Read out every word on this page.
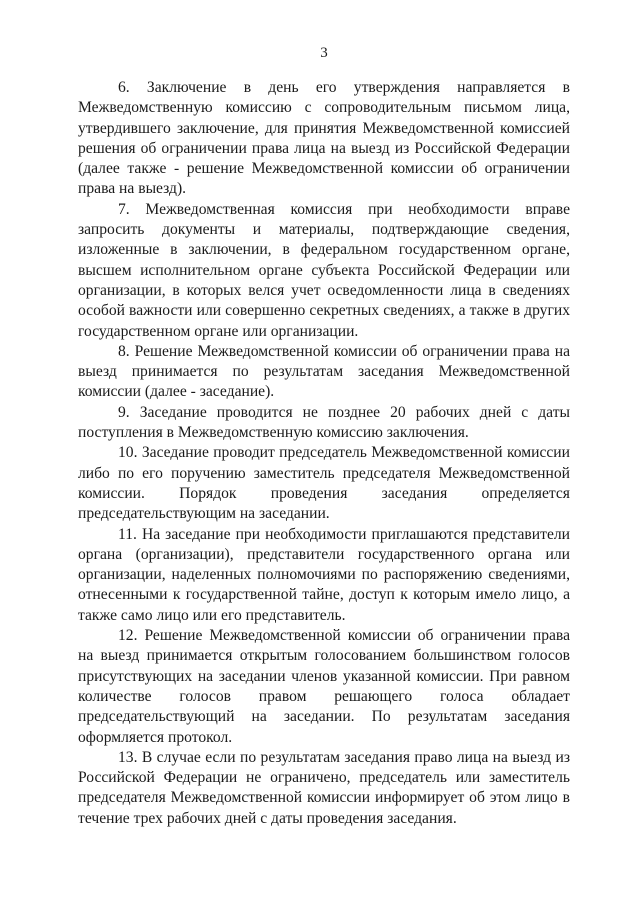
3

6. Заключение в день его утверждения направляется в Межведомственную комиссию с сопроводительным письмом лица, утвердившего заключение, для принятия Межведомственной комиссией решения об ограничении права лица на выезд из Российской Федерации (далее также - решение Межведомственной комиссии об ограничении права на выезд).

7. Межведомственная комиссия при необходимости вправе запросить документы и материалы, подтверждающие сведения, изложенные в заключении, в федеральном государственном органе, высшем исполнительном органе субъекта Российской Федерации или организации, в которых велся учет осведомленности лица в сведениях особой важности или совершенно секретных сведениях, а также в других государственном органе или организации.

8. Решение Межведомственной комиссии об ограничении права на выезд принимается по результатам заседания Межведомственной комиссии (далее - заседание).

9. Заседание проводится не позднее 20 рабочих дней с даты поступления в Межведомственную комиссию заключения.

10. Заседание проводит председатель Межведомственной комиссии либо по его поручению заместитель председателя Межведомственной комиссии. Порядок проведения заседания определяется председательствующим на заседании.

11. На заседание при необходимости приглашаются представители органа (организации), представители государственного органа или организации, наделенных полномочиями по распоряжению сведениями, отнесенными к государственной тайне, доступ к которым имело лицо, а также само лицо или его представитель.

12. Решение Межведомственной комиссии об ограничении права на выезд принимается открытым голосованием большинством голосов присутствующих на заседании членов указанной комиссии. При равном количестве голосов правом решающего голоса обладает председательствующий на заседании. По результатам заседания оформляется протокол.

13. В случае если по результатам заседания право лица на выезд из Российской Федерации не ограничено, председатель или заместитель председателя Межведомственной комиссии информирует об этом лицо в течение трех рабочих дней с даты проведения заседания.
